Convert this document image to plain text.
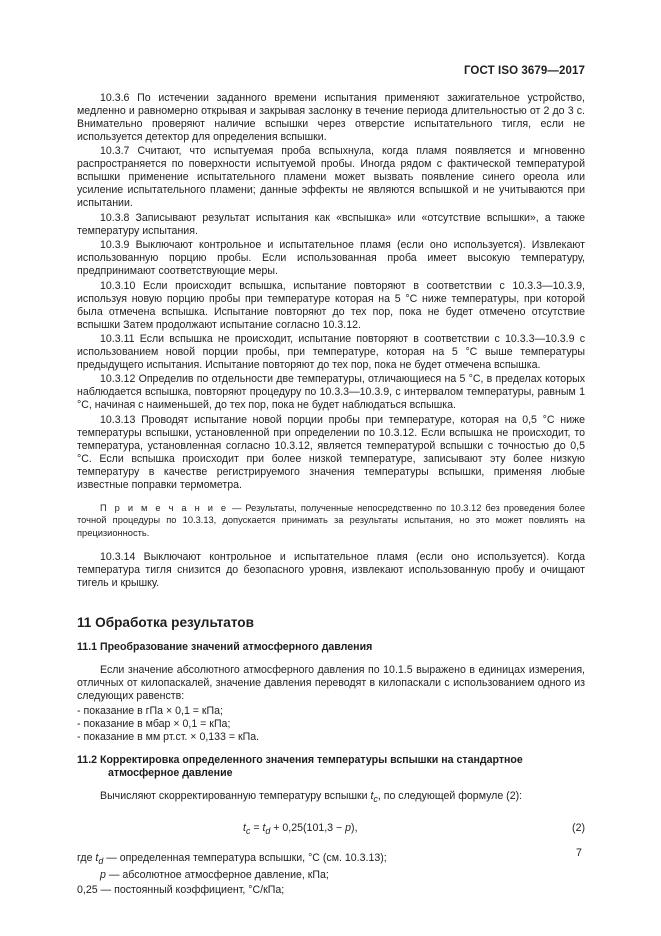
ГОСТ ISO 3679—2017

10.3.6 По истечении заданного времени испытания применяют зажигательное устройство, медленно и равномерно открывая и закрывая заслонку в течение периода длительностью от 2 до 3 с. Внимательно проверяют наличие вспышки через отверстие испытательного тигля, если не используется детектор для определения вспышки.

10.3.7 Считают, что испытуемая проба вспыхнула, когда пламя появляется и мгновенно распространяется по поверхности испытуемой пробы. Иногда рядом с фактической температурой вспышки применение испытательного пламени может вызвать появление синего ореола или усиление испытательного пламени; данные эффекты не являются вспышкой и не учитываются при испытании.

10.3.8 Записывают результат испытания как «вспышка» или «отсутствие вспышки», а также температуру испытания.

10.3.9 Выключают контрольное и испытательное пламя (если оно используется). Извлекают использованную порцию пробы. Если использованная проба имеет высокую температуру, предпринимают соответствующие меры.

10.3.10 Если происходит вспышка, испытание повторяют в соответствии с 10.3.3—10.3.9, используя новую порцию пробы при температуре которая на 5 °С ниже температуры, при которой была отмечена вспышка. Испытание повторяют до тех пор, пока не будет отмечено отсутствие вспышки Затем продолжают испытание согласно 10.3.12.

10.3.11 Если вспышка не происходит, испытание повторяют в соответствии с 10.3.3—10.3.9 с использованием новой порции пробы, при температуре, которая на 5 °С выше температуры предыдущего испытания. Испытание повторяют до тех пор, пока не будет отмечена вспышка.

10.3.12 Определив по отдельности две температуры, отличающиеся на 5 °С, в пределах которых наблюдается вспышка, повторяют процедуру по 10.3.3—10.3.9, с интервалом температуры, равным 1 °С, начиная с наименьшей, до тех пор, пока не будет наблюдаться вспышка.

10.3.13 Проводят испытание новой порции пробы при температуре, которая на 0,5 °С ниже температуры вспышки, установленной при определении по 10.3.12. Если вспышка не происходит, то температура, установленная согласно 10.3.12, является температурой вспышки с точностью до 0,5 °С. Если вспышка происходит при более низкой температуре, записывают эту более низкую температуру в качестве регистрируемого значения температуры вспышки, применяя любые известные поправки термометра.

П р и м е ч а н и е — Результаты, полученные непосредственно по 10.3.12 без проведения более точной процедуры по 10.3.13, допускается принимать за результаты испытания, но это может повлиять на прецизионность.

10.3.14 Выключают контрольное и испытательное пламя (если оно используется). Когда температура тигля снизится до безопасного уровня, извлекают использованную пробу и очищают тигель и крышку.

11 Обработка результатов
11.1 Преобразование значений атмосферного давления

Если значение абсолютного атмосферного давления по 10.1.5 выражено в единицах измерения, отличных от килопаскалей, значение давления переводят в килопаскали с использованием одного из следующих равенств:

- показание в гПа × 0,1 = кПа;
- показание в мбар × 0,1 = кПа;
- показание в мм рт.ст. × 0,133 = кПа.
11.2 Корректировка определенного значения температуры вспышки на стандартное
атмосферное давление

Вычисляют скорректированную температуру вспышки $t_c$, по следующей формуле (2):

$t_c = t_d + 0,25(101,3 - p)$,	(2)
где $t_d$ — определенная температура вспышки, °С (см. 10.3.13);
p — абсолютное атмосферное давление, кПа;
0,25 — постоянный коэффициент, °С/кПа;
7
